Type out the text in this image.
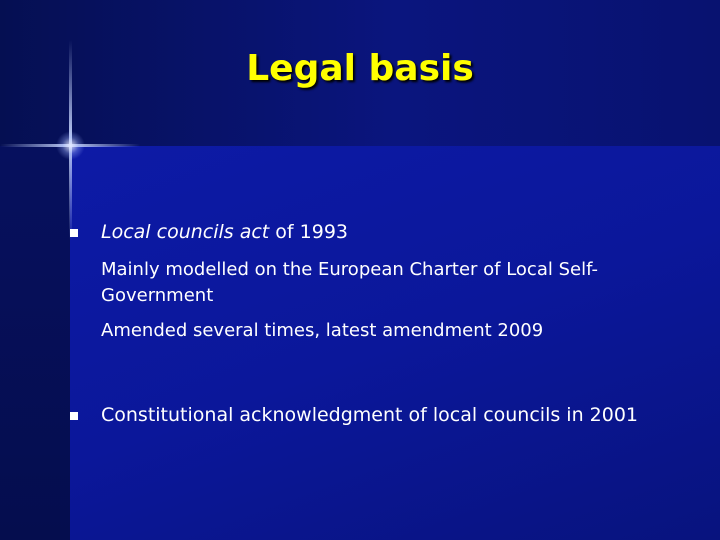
Legal basis
Local councils act of 1993
Mainly modelled on the European Charter of Local Self-Government
Amended several times, latest amendment 2009
Constitutional acknowledgment of local councils in 2001
